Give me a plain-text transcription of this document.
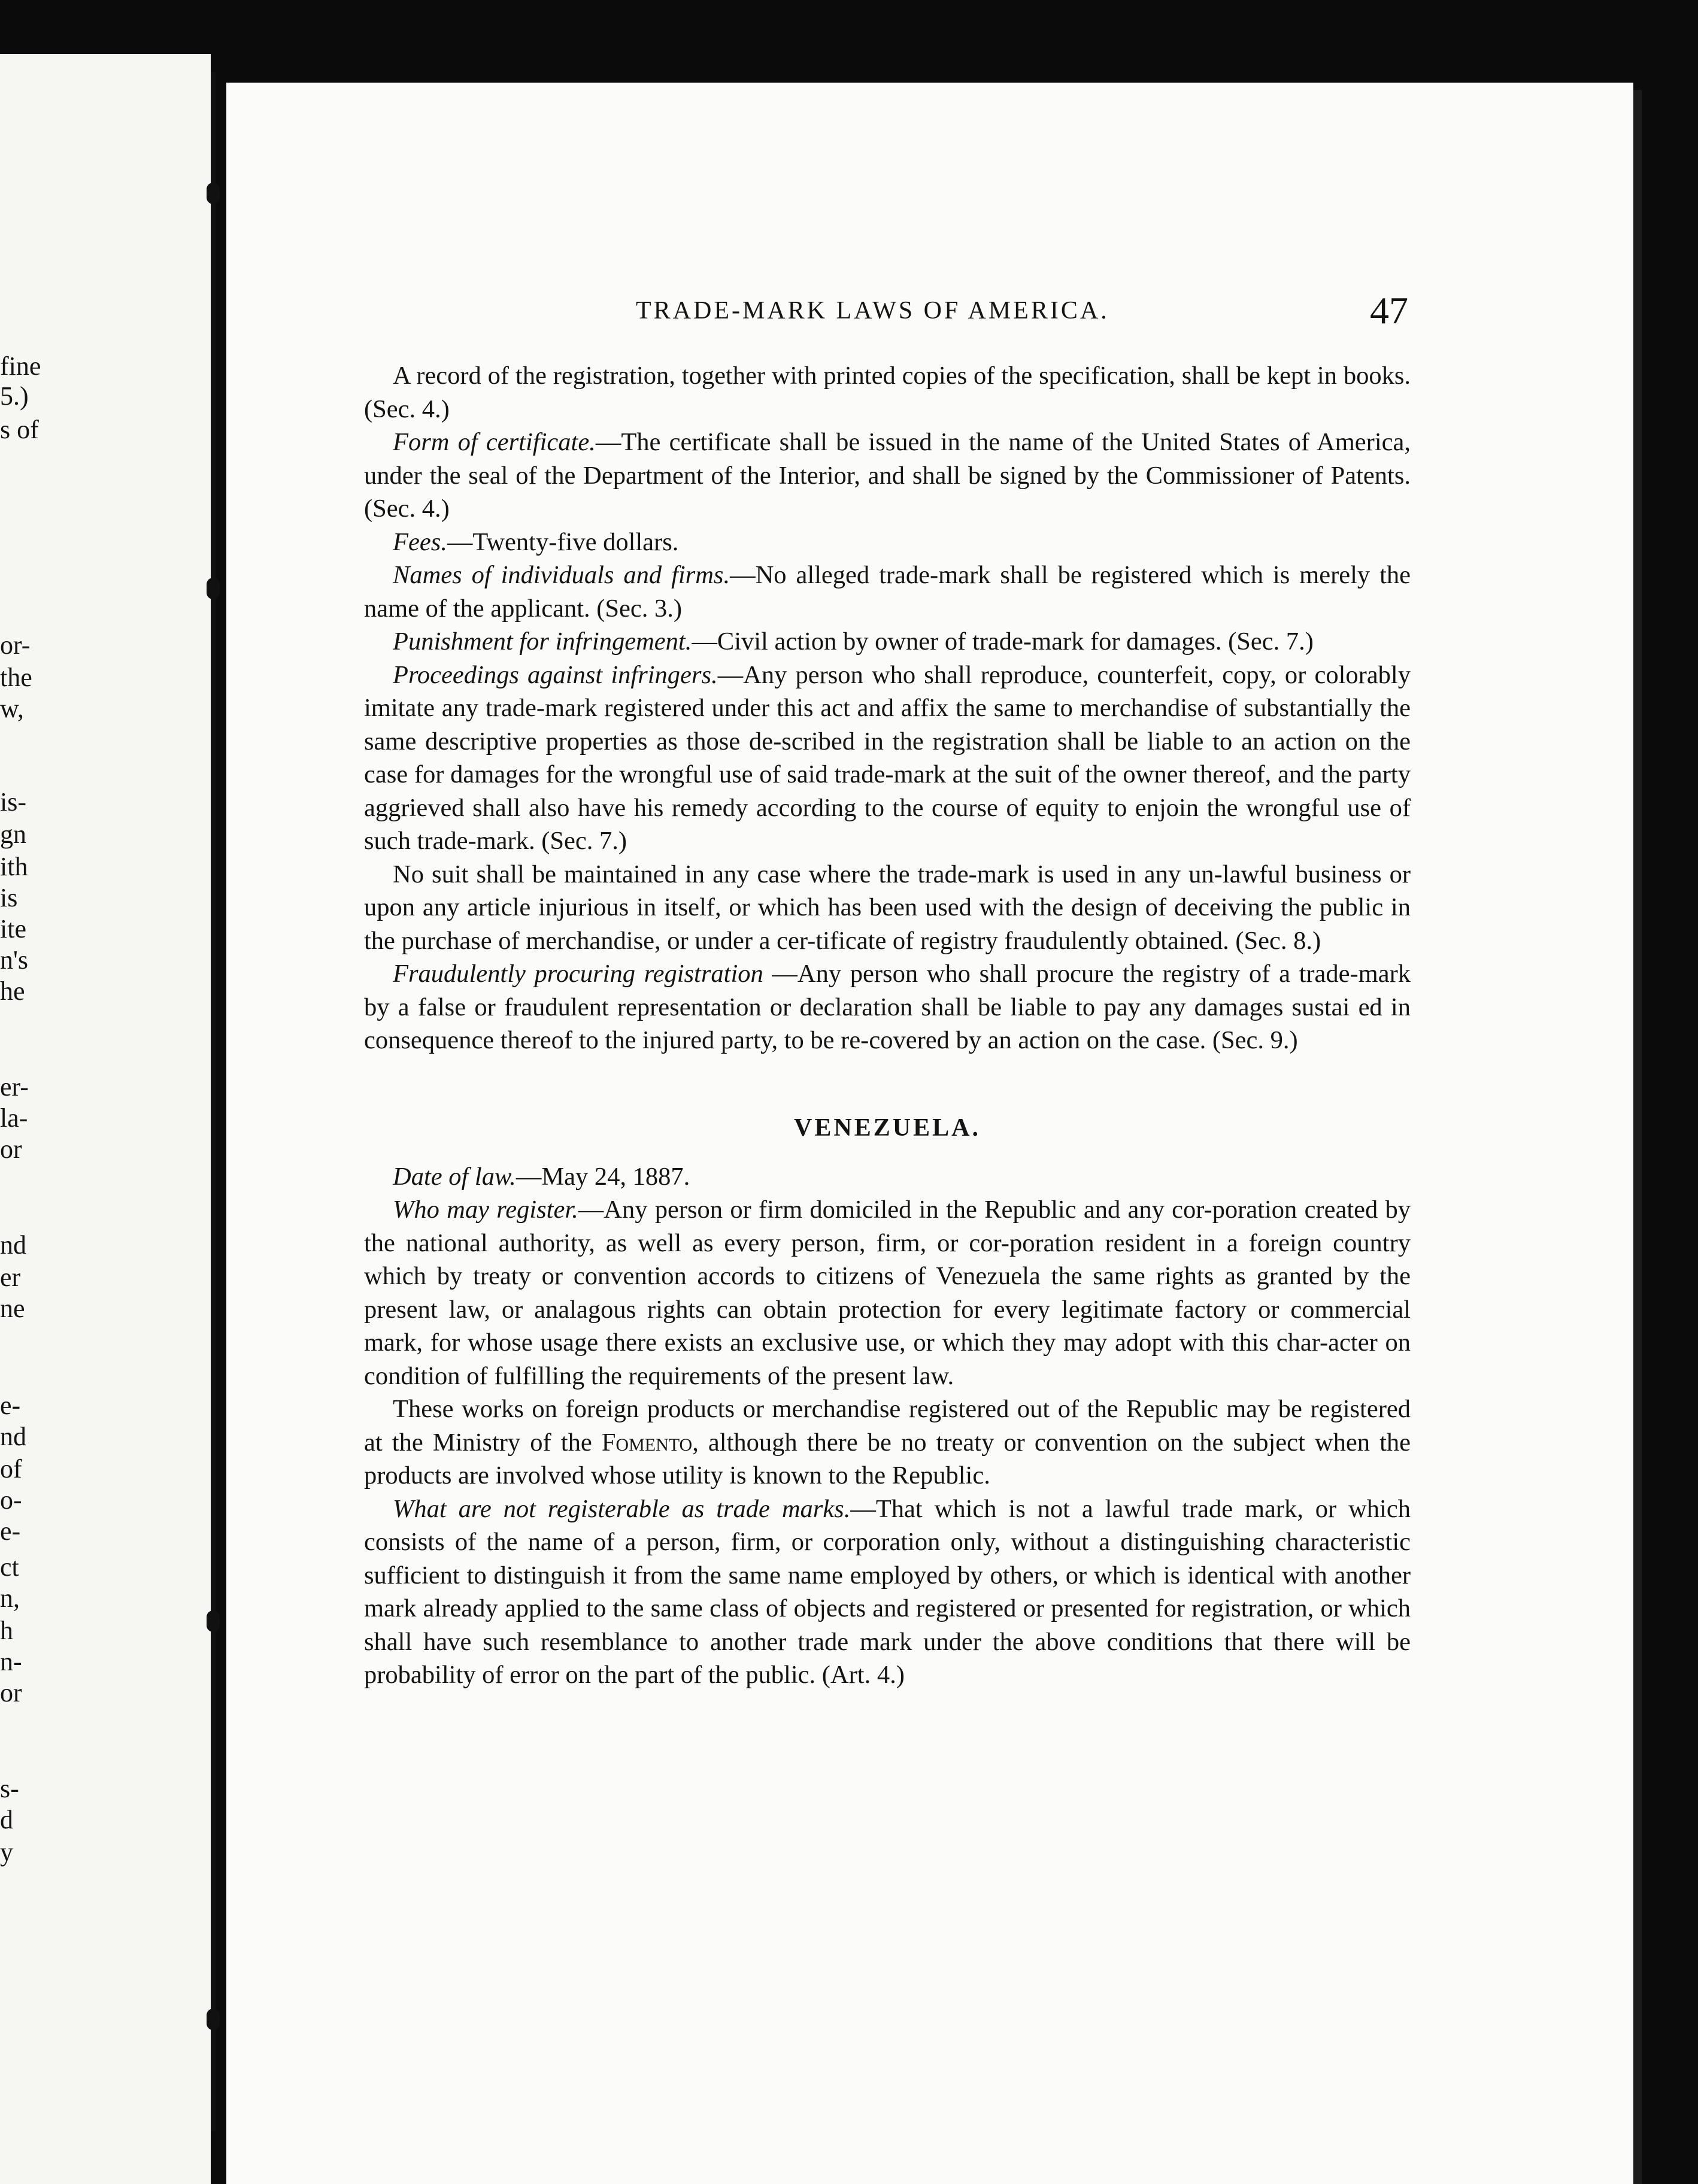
fine
5.)
s of
or-
the
w,
is-
gn
ith
is
ite
n's
he
er-
la-
or
nd
er
ne
e-
nd
of
o-
e-
ct
n,
h
n-
or
s-
d
y
TRADE-MARK LAWS OF AMERICA.	47

A record of the registration, together with printed copies of the specification, shall be kept in books. (Sec. 4.)

Form of certificate.—The certificate shall be issued in the name of the United States of America, under the seal of the Department of the Interior, and shall be signed by the Commissioner of Patents. (Sec. 4.)

Fees.—Twenty-five dollars.

Names of individuals and firms.—No alleged trade-mark shall be registered which is merely the name of the applicant. (Sec. 3.)

Punishment for infringement.—Civil action by owner of trade-mark for damages. (Sec. 7.)

Proceedings against infringers.—Any person who shall reproduce, counterfeit, copy, or colorably imitate any trade-mark registered under this act and affix the same to merchandise of substantially the same descriptive properties as those de-scribed in the registration shall be liable to an action on the case for damages for the wrongful use of said trade-mark at the suit of the owner thereof, and the party aggrieved shall also have his remedy according to the course of equity to enjoin the wrongful use of such trade-mark. (Sec. 7.)

No suit shall be maintained in any case where the trade-mark is used in any un-lawful business or upon any article injurious in itself, or which has been used with the design of deceiving the public in the purchase of merchandise, or under a cer-tificate of registry fraudulently obtained. (Sec. 8.)

Fraudulently procuring registration —Any person who shall procure the registry of a trade-mark by a false or fraudulent representation or declaration shall be liable to pay any damages sustai ed in consequence thereof to the injured party, to be re-covered by an action on the case. (Sec. 9.)

VENEZUELA.

Date of law.—May 24, 1887.

Who may register.—Any person or firm domiciled in the Republic and any cor-poration created by the national authority, as well as every person, firm, or cor-poration resident in a foreign country which by treaty or convention accords to citizens of Venezuela the same rights as granted by the present law, or analagous rights can obtain protection for every legitimate factory or commercial mark, for whose usage there exists an exclusive use, or which they may adopt with this char-acter on condition of fulfilling the requirements of the present law.

These works on foreign products or merchandise registered out of the Republic may be registered at the Ministry of the Fomento, although there be no treaty or convention on the subject when the products are involved whose utility is known to the Republic.

What are not registerable as trade marks.—That which is not a lawful trade mark, or which consists of the name of a person, firm, or corporation only, without a distinguishing characteristic sufficient to distinguish it from the same name employed by others, or which is identical with another mark already applied to the same class of objects and registered or presented for registration, or which shall have such resemblance to another trade mark under the above conditions that there will be probability of error on the part of the public. (Art. 4.)
